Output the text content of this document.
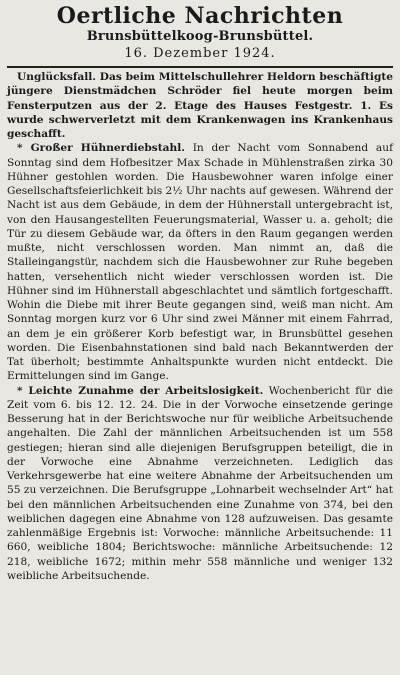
Oertliche Nachrichten

Brunsbüttelkoog-Brunsbüttel.

16. Dezember 1924.

Unglücksfall. Das beim Mittelschullehrer Heldorn beschäftigte jüngere Dienstmädchen Schröder fiel heute morgen beim Fensterputzen aus der 2. Etage des Hauses Festgestr. 1. Es wurde schwerverletzt mit dem Krankenwagen ins Krankenhaus geschafft.

* Großer Hühnerdiebstahl. In der Nacht vom Sonnabend auf Sonntag sind dem Hofbesitzer Max Schade in Mühlenstraßen zirka 30 Hühner gestohlen worden. Die Hausbewohner waren infolge einer Gesellschaftsfeierlichkeit bis 2½ Uhr nachts auf gewesen. Während der Nacht ist aus dem Gebäude, in dem der Hühnerstall untergebracht ist, von den Hausangestellten Feuerungsmaterial, Wasser u. a. geholt; die Tür zu diesem Gebäude war, da öfters in den Raum gegangen werden mußte, nicht verschlossen worden. Man nimmt an, daß die Stalleingangstür, nachdem sich die Hausbewohner zur Ruhe begeben hatten, versehentlich nicht wieder verschlossen worden ist. Die Hühner sind im Hühnerstall abgeschlachtet und sämtlich fortgeschafft. Wohin die Diebe mit ihrer Beute gegangen sind, weiß man nicht. Am Sonntag morgen kurz vor 6 Uhr sind zwei Männer mit einem Fahrrad, an dem je ein größerer Korb befestigt war, in Brunsbüttel gesehen worden. Die Eisenbahnstationen sind bald nach Bekanntwerden der Tat überholt; bestimmte Anhaltspunkte wurden nicht entdeckt. Die Ermittelungen sind im Gange.

* Leichte Zunahme der Arbeitslosigkeit. Wochenbericht für die Zeit vom 6. bis 12. 12. 24. Die in der Vorwoche einsetzende geringe Besserung hat in der Berichtswoche nur für weibliche Arbeitsuchende angehalten. Die Zahl der männlichen Arbeitsuchenden ist um 558 gestiegen; hieran sind alle diejenigen Berufsgruppen beteiligt, die in der Vorwoche eine Abnahme verzeichneten. Lediglich das Verkehrsgewerbe hat eine weitere Abnahme der Arbeitsuchenden um 55 zu verzeichnen. Die Berufsgruppe „Lohnarbeit wechselnder Art“ hat bei den männlichen Arbeitsuchenden eine Zunahme von 374, bei den weiblichen dagegen eine Abnahme von 128 aufzuweisen. Das gesamte zahlenmäßige Ergebnis ist: Vorwoche: männliche Arbeitsuchende: 11 660, weibliche 1804; Berichtswoche: männliche Arbeitsuchende: 12 218, weibliche 1672; mithin mehr 558 männliche und weniger 132 weibliche Arbeitsuchende.
